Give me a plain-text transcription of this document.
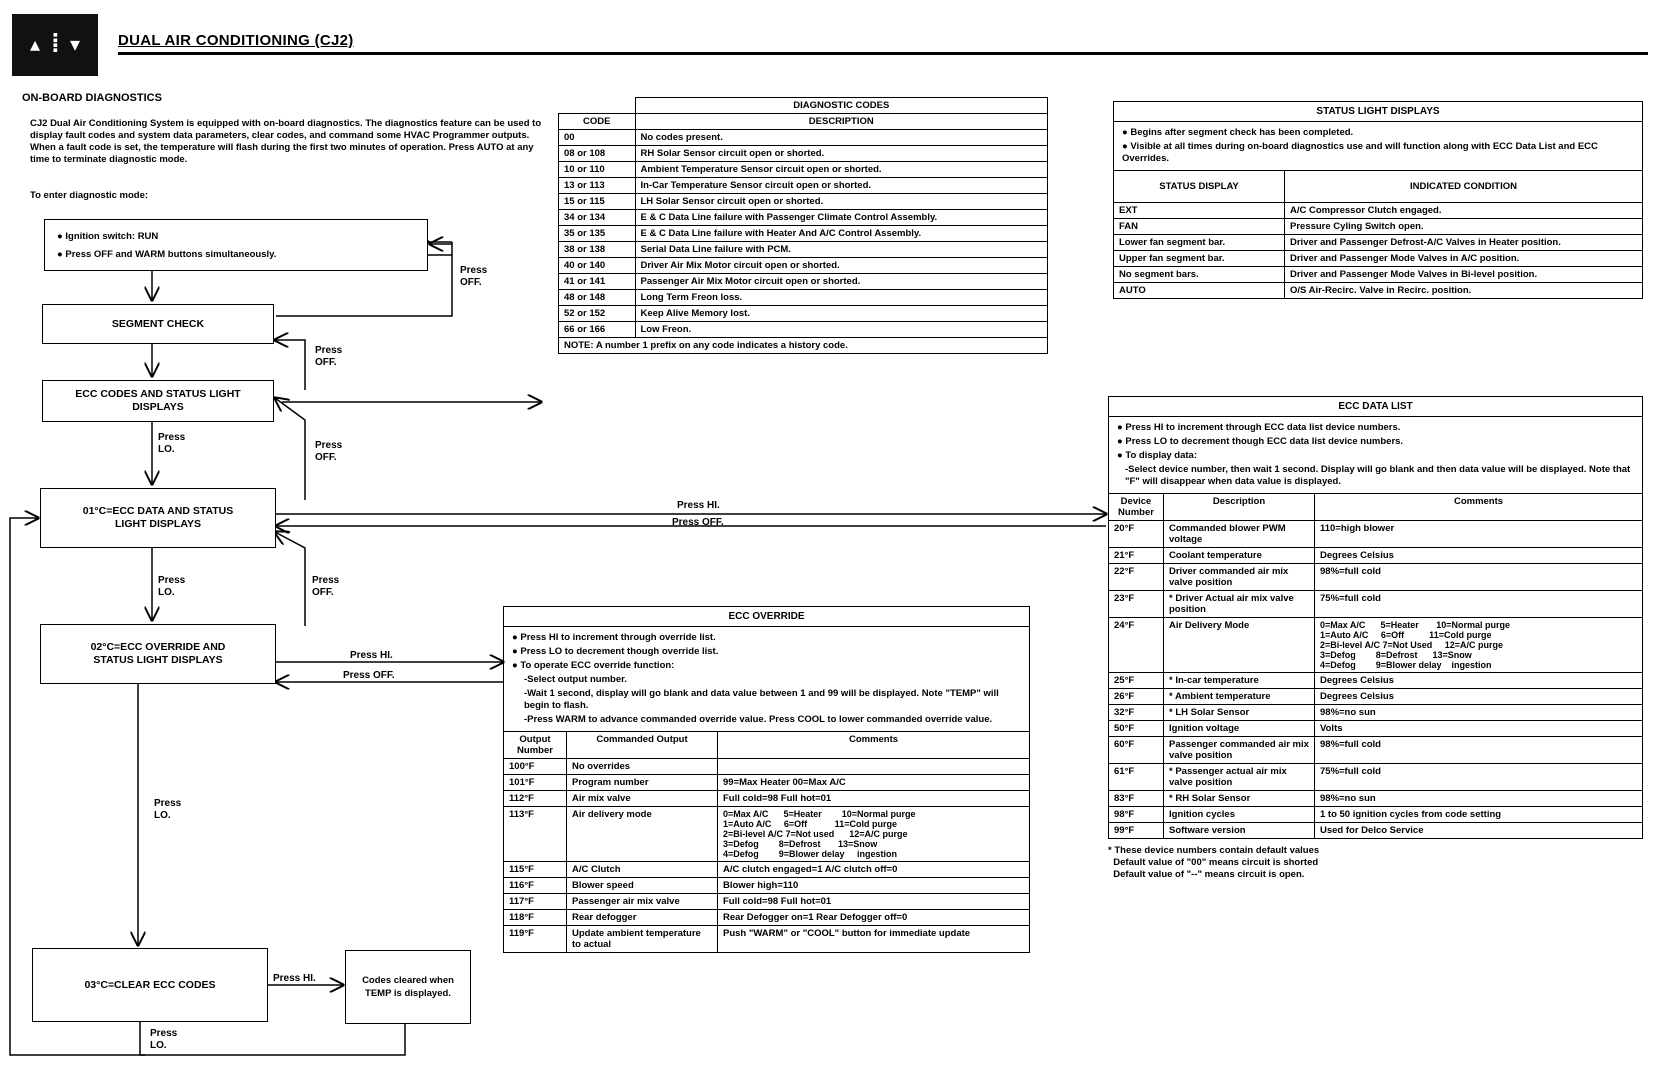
▴ ⁞ ▾	DUAL AIR CONDITIONING (CJ2)
ON-BOARD DIAGNOSTICS
CJ2 Dual Air Conditioning System is equipped with on-board diagnostics. The diagnostics feature can be used to display fault codes and system data parameters, clear codes, and command some HVAC Programmer outputs. When a fault code is set, the temperature will flash during the first two minutes of operation. Press AUTO at any time to terminate diagnostic mode.
To enter diagnostic mode:
● Ignition switch: RUN
● Press OFF and WARM buttons simultaneously.
Press OFF.
SEGMENT CHECK
Press OFF.
ECC CODES AND STATUS LIGHT DISPLAYS
Press LO.	Press OFF.
01°C=ECC DATA AND STATUS LIGHT DISPLAYS
Press HI.
Press OFF.
Press LO.
Press OFF.
02°C=ECC OVERRIDE AND STATUS LIGHT DISPLAYS	Press HI.
Press OFF.
Press LO.
03°C=CLEAR ECC CODES	Press HI.	Codes cleared when TEMP is displayed.
Press LO.
	DIAGNOSTIC CODES
CODE	DESCRIPTION
00	No codes present.
08 or 108	RH Solar Sensor circuit open or shorted.
10 or 110	Ambient Temperature Sensor circuit open or shorted.
13 or 113	In-Car Temperature Sensor circuit open or shorted.
15 or 115	LH Solar Sensor circuit open or shorted.
34 or 134	E & C Data Line failure with Passenger Climate Control Assembly.
35 or 135	E & C Data Line failure with Heater And A/C Control Assembly.
38 or 138	Serial Data Line failure with PCM.
40 or 140	Driver Air Mix Motor circuit open or shorted.
41 or 141	Passenger Air Mix Motor circuit open or shorted.
48 or 148	Long Term Freon loss.
52 or 152	Keep Alive Memory lost.
66 or 166	Low Freon.
NOTE: A number 1 prefix on any code indicates a history code.	
STATUS LIGHT DISPLAYS
● Begins after segment check has been completed.
● Visible at all times during on-board diagnostics use and will function along with ECC Data List and ECC Overrides.
STATUS DISPLAY	INDICATED CONDITION
EXT	A/C Compressor Clutch engaged.
FAN	Pressure Cyling Switch open.
Lower fan segment bar.	Driver and Passenger Defrost-A/C Valves in Heater position.
Upper fan segment bar.	Driver and Passenger Mode Valves in A/C position.
No segment bars.	Driver and Passenger Mode Valves in Bi-level position.
AUTO	O/S Air-Recirc. Valve in Recirc. position.
ECC DATA LIST
● Press HI to increment through ECC data list device numbers.
● Press LO to decrement though ECC data list device numbers.
● To display data:
-Select device number, then wait 1 second. Display will go blank and then data value will be displayed. Note that "F" will disappear when data value is displayed.
Device Number	Description	Comments
20°F	Commanded blower PWM voltage	110=high blower
21°F	Coolant temperature	Degrees Celsius
22°F	Driver commanded air mix valve position	98%=full cold
23°F	* Driver Actual air mix valve position	75%=full cold
24°F	Air Delivery Mode	0=Max A/C      5=Heater       10=Normal purge
1=Auto A/C     6=Off          11=Cold purge
2=Bi-level A/C 7=Not Used     12=A/C purge
3=Defog        8=Defrost      13=Snow
4=Defog        9=Blower delay    ingestion
25°F	* In-car temperature	Degrees Celsius
26°F	* Ambient temperature	Degrees Celsius
32°F	* LH Solar Sensor	98%=no sun
50°F	Ignition voltage	Volts
60°F	Passenger commanded air mix valve position	98%=full cold
61°F	* Passenger actual air mix valve position	75%=full cold
83°F	* RH Solar Sensor	98%=no sun
98°F	Ignition cycles	1 to 50 ignition cycles from code setting
99°F	Software version	Used for Delco Service
* These device numbers contain default values
Default value of "00" means circuit is shorted
Default value of "--" means circuit is open.
ECC OVERRIDE
● Press HI to increment through override list.
● Press LO to decrement though override list.
● To operate ECC override function:
-Select output number.
-Wait 1 second, display will go blank and data value between 1 and 99 will be displayed. Note "TEMP" will begin to flash.
-Press WARM to advance commanded override value. Press COOL to lower commanded override value.
Output Number	Commanded Output	Comments
100°F	No overrides	
101°F	Program number	99=Max Heater 00=Max A/C
112°F	Air mix valve	Full cold=98 Full hot=01
113°F	Air delivery mode	0=Max A/C      5=Heater        10=Normal purge
1=Auto A/C     6=Off           11=Cold purge
2=Bi-level A/C 7=Not used      12=A/C purge
3=Defog        8=Defrost       13=Snow
4=Defog        9=Blower delay     ingestion
115°F	A/C Clutch	A/C clutch engaged=1 A/C clutch off=0
116°F	Blower speed	Blower high=110
117°F	Passenger air mix valve	Full cold=98 Full hot=01
118°F	Rear defogger	Rear Defogger on=1 Rear Defogger off=0
119°F	Update ambient temperature to actual	Push "WARM" or "COOL" button for immediate update
